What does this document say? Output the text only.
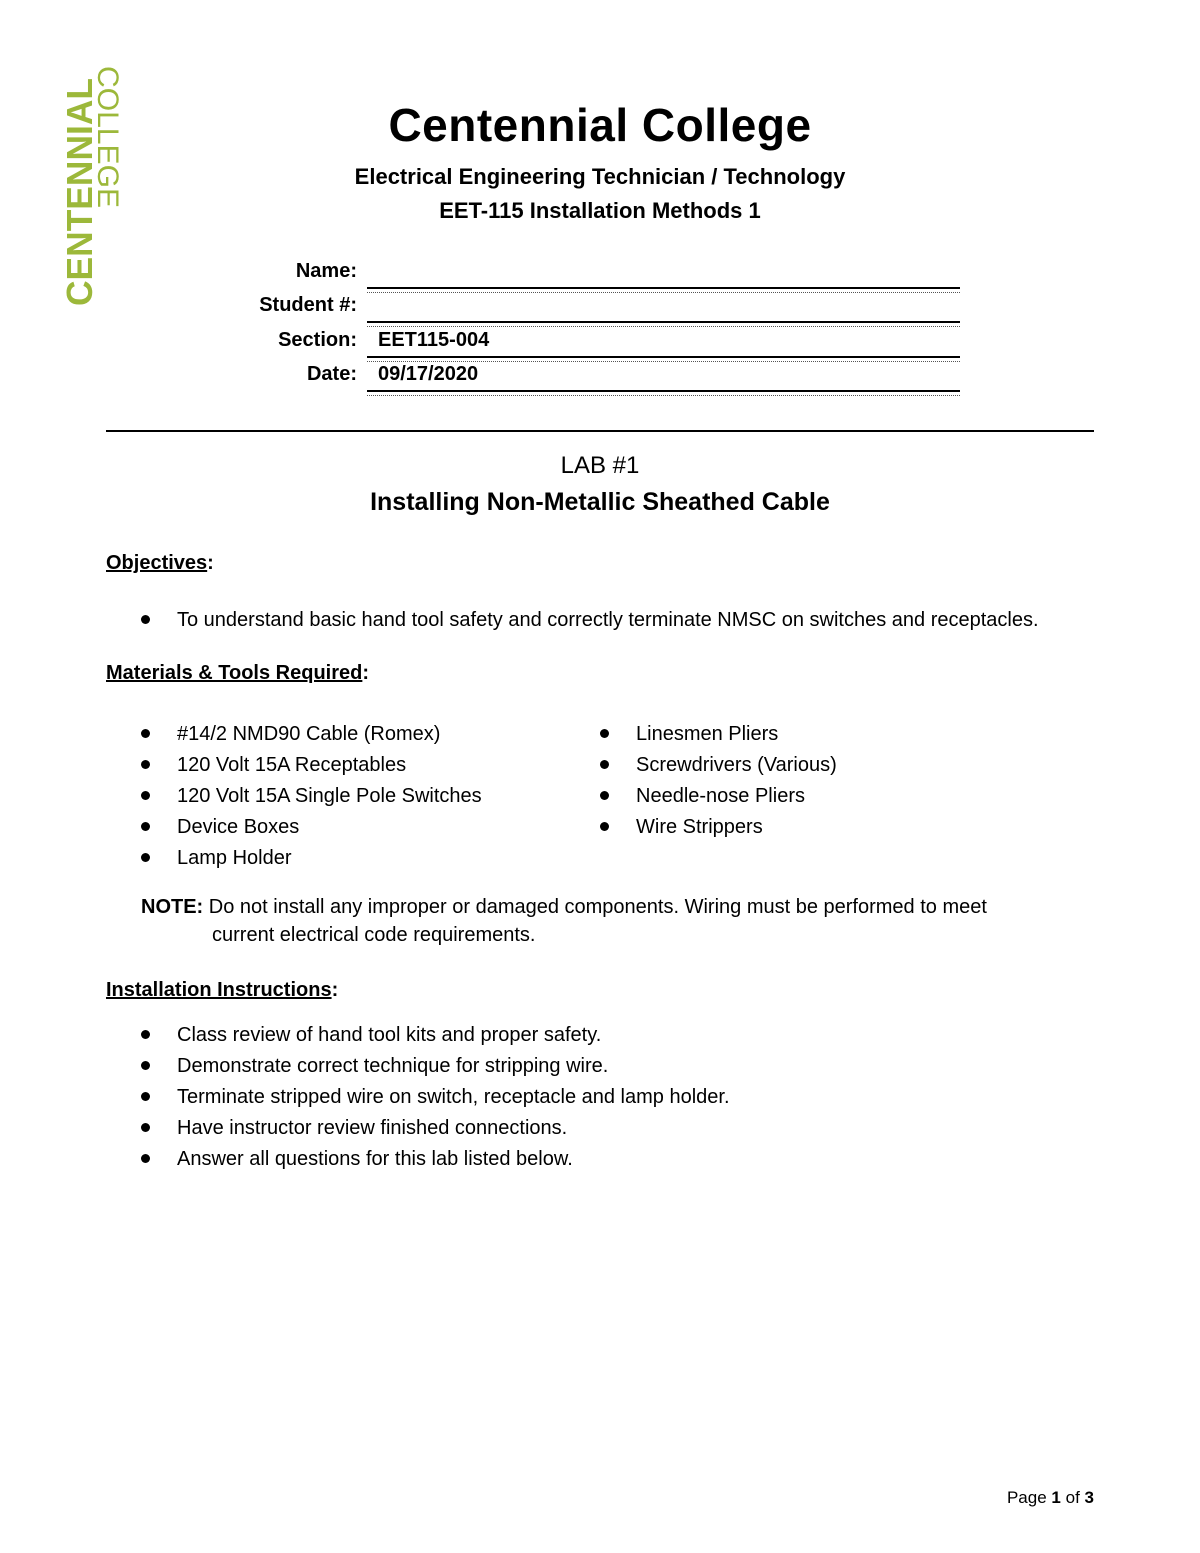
CENTENNIAL
COLLEGE	Centennial College
Electrical Engineering Technician / Technology
EET-115 Installation Methods 1
Name:
Student #:
Section: EET115-004
Date: 09/17/2020
LAB #1
Installing Non-Metallic Sheathed Cable
Objectives:
To understand basic hand tool safety and correctly terminate NMSC on switches and receptacles.
Materials & Tools Required:
#14/2 NMD90 Cable (Romex)
120 Volt 15A Receptables
120 Volt 15A Single Pole Switches
Device Boxes
Lamp Holder
Linesmen Pliers
Screwdrivers (Various)
Needle-nose Pliers
Wire Strippers
NOTE: Do not install any improper or damaged components. Wiring must be performed to meet
current electrical code requirements.
Installation Instructions:
Class review of hand tool kits and proper safety.
Demonstrate correct technique for stripping wire.
Terminate stripped wire on switch, receptacle and lamp holder.
Have instructor review finished connections.
Answer all questions for this lab listed below.
Page 1 of 3
